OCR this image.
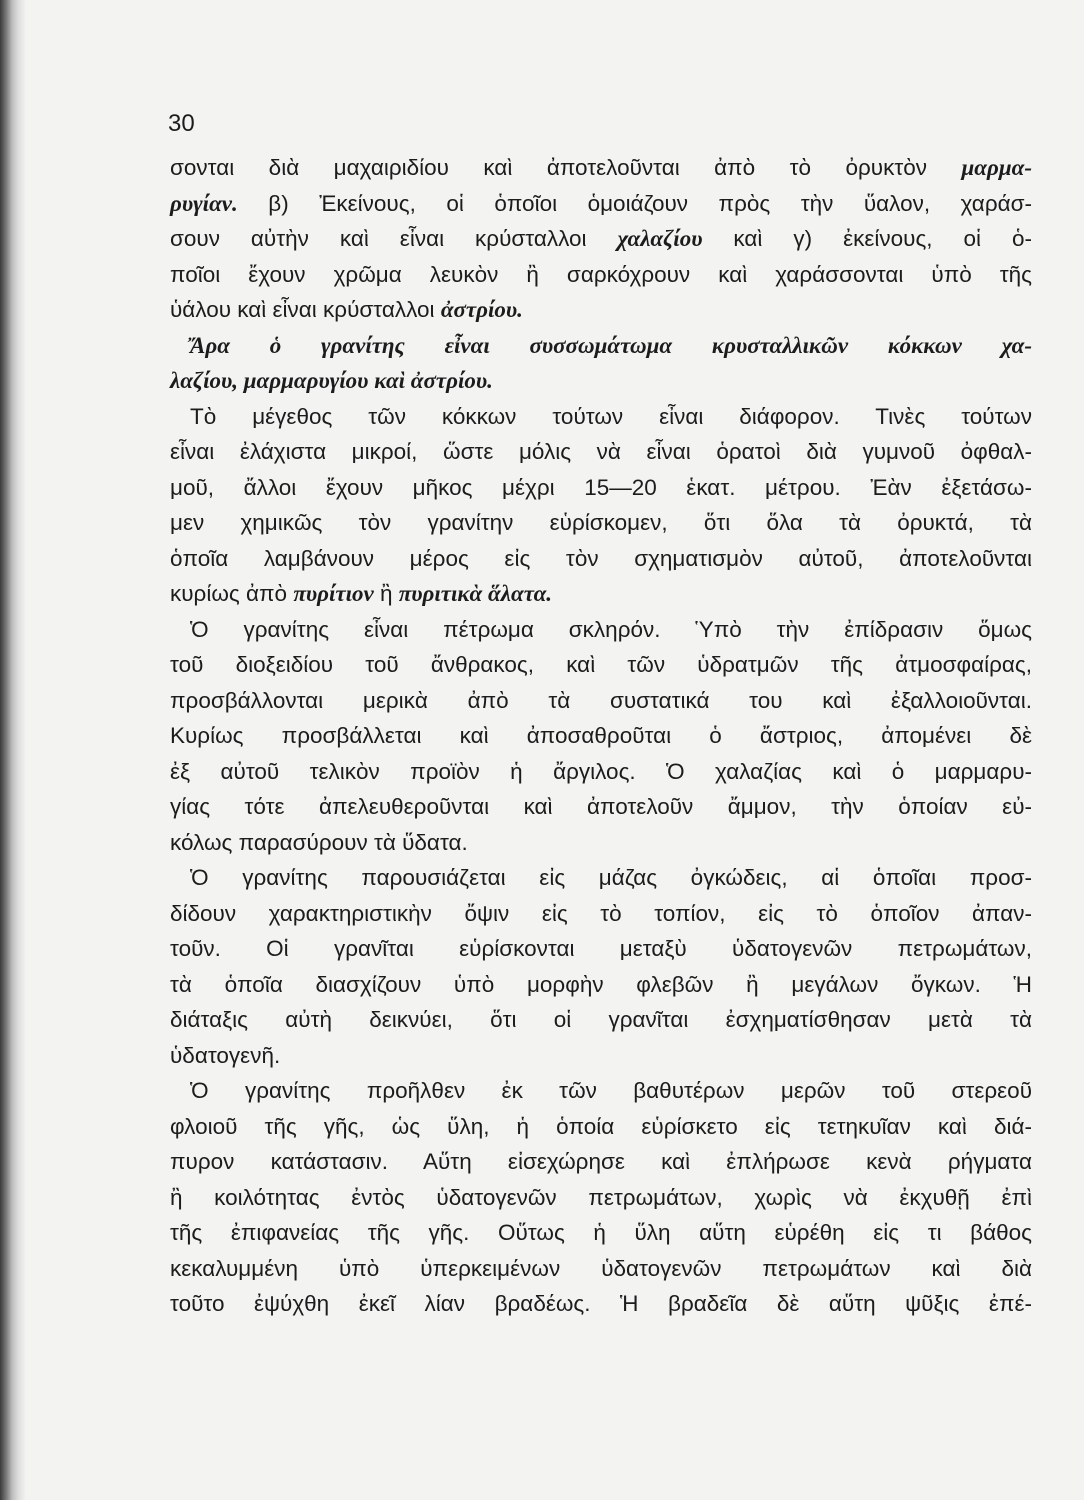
30
σονται διὰ μαχαιριδίου καὶ ἀποτελοῦνται ἀπὸ τὸ ὀρυκτὸν μαρμα-
ρυγίαν. β) Ἐκείνους, οἱ ὁποῖοι ὁμοιάζουν πρὸς τὴν ὕαλον, χαράσ-
σουν αὐτὴν καὶ εἶναι κρύσταλλοι χαλαζίου καὶ γ) ἐκείνους, οἱ ὁ-
ποῖοι ἔχουν χρῶμα λευκὸν ἢ σαρκόχρουν καὶ χαράσσονται ὑπὸ τῆς
ὑάλου καὶ εἶναι κρύσταλλοι ἀστρίου.
Ἄρα ὁ γρανίτης εἶναι συσσωμάτωμα κρυσταλλικῶν κόκκων χα-
λαζίου, μαρμαρυγίου καὶ ἀστρίου.
Τὸ μέγεθος τῶν κόκκων τούτων εἶναι διάφορον. Τινὲς τούτων
εἶναι ἐλάχιστα μικροί, ὥστε μόλις νὰ εἶναι ὁρατοὶ διὰ γυμνοῦ ὀφθαλ-
μοῦ, ἄλλοι ἔχουν μῆκος μέχρι 15—20 ἑκατ. μέτρου. Ἐὰν ἐξετάσω-
μεν χημικῶς τὸν γρανίτην εὑρίσκομεν, ὅτι ὅλα τὰ ὀρυκτά, τὰ
ὁποῖα λαμβάνουν μέρος εἰς τὸν σχηματισμὸν αὐτοῦ, ἀποτελοῦνται
κυρίως ἀπὸ πυρίτιον ἢ πυριτικὰ ἅλατα.
Ὁ γρανίτης εἶναι πέτρωμα σκληρόν. Ὑπὸ τὴν ἐπίδρασιν ὅμως
τοῦ διοξειδίου τοῦ ἄνθρακος, καὶ τῶν ὑδρατμῶν τῆς ἀτμοσφαίρας,
προσβάλλονται μερικὰ ἀπὸ τὰ συστατικά του καὶ ἐξαλλοιοῦνται.
Κυρίως προσβάλλεται καὶ ἀποσαθροῦται ὁ ἄστριος, ἀπομένει δὲ
ἐξ αὐτοῦ τελικὸν προϊὸν ἡ ἄργιλος. Ὁ χαλαζίας καὶ ὁ μαρμαρυ-
γίας τότε ἀπελευθεροῦνται καὶ ἀποτελοῦν ἄμμον, τὴν ὁποίαν εὐ-
κόλως παρασύρουν τὰ ὕδατα.
Ὁ γρανίτης παρουσιάζεται εἰς μάζας ὀγκώδεις, αἱ ὁποῖαι προσ-
δίδουν χαρακτηριστικὴν ὄψιν εἰς τὸ τοπίον, εἰς τὸ ὁποῖον ἀπαν-
τοῦν. Οἱ γρανῖται εὑρίσκονται μεταξὺ ὑδατογενῶν πετρωμάτων,
τὰ ὁποῖα διασχίζουν ὑπὸ μορφὴν φλεβῶν ἢ μεγάλων ὄγκων. Ἡ
διάταξις αὐτὴ δεικνύει, ὅτι οἱ γρανῖται ἐσχηματίσθησαν μετὰ τὰ
ὑδατογενῆ.
Ὁ γρανίτης προῆλθεν ἐκ τῶν βαθυτέρων μερῶν τοῦ στερεοῦ
φλοιοῦ τῆς γῆς, ὡς ὕλη, ἡ ὁποία εὑρίσκετο εἰς τετηκυῖαν καὶ διά-
πυρον κατάστασιν. Αὕτη εἰσεχώρησε καὶ ἐπλήρωσε κενὰ ρήγματα
ἢ κοιλότητας ἐντὸς ὑδατογενῶν πετρωμάτων, χωρὶς νὰ ἐκχυθῇ ἐπὶ
τῆς ἐπιφανείας τῆς γῆς. Οὕτως ἡ ὕλη αὕτη εὑρέθη εἰς τι βάθος
κεκαλυμμένη ὑπὸ ὑπερκειμένων ὑδατογενῶν πετρωμάτων καὶ διὰ
τοῦτο ἐψύχθη ἐκεῖ λίαν βραδέως. Ἡ βραδεῖα δὲ αὕτη ψῦξις ἐπέ-
